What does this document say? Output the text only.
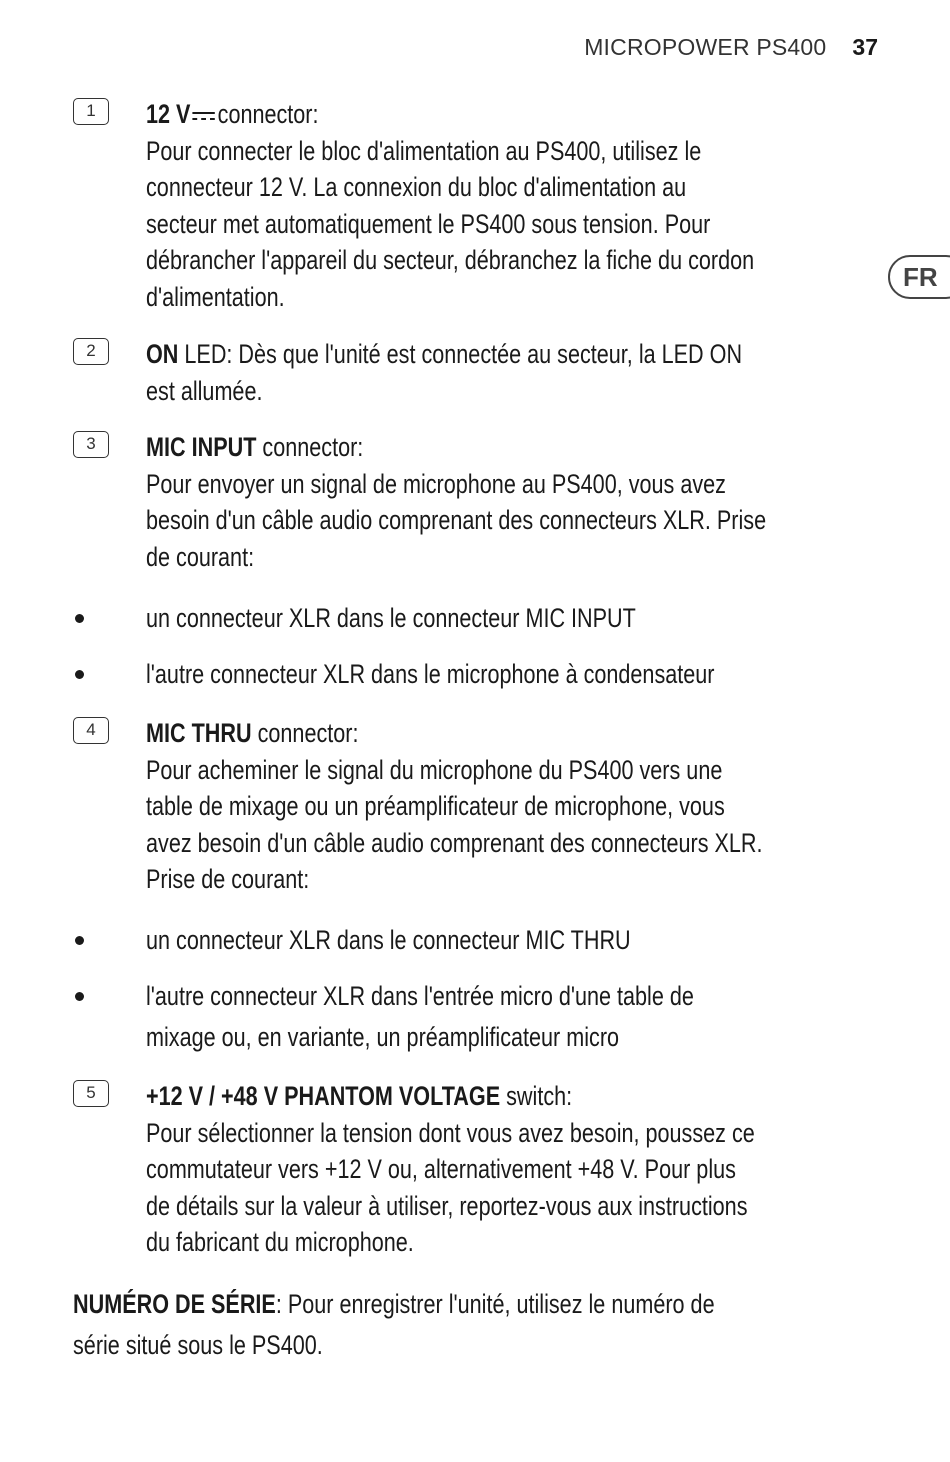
MICROPOWER PS400 37
FR
1	12 V connector:
Pour connecter le bloc d'alimentation au PS400, utilisez le
connecteur 12 V. La connexion du bloc d'alimentation au
secteur met automatiquement le PS400 sous tension. Pour
débrancher l'appareil du secteur, débranchez la fiche du cordon
d'alimentation.
2	ON LED: Dès que l'unité est connectée au secteur, la LED ON
est allumée.
3	MIC INPUT connector:
Pour envoyer un signal de microphone au PS400, vous avez
besoin d'un câble audio comprenant des connecteurs XLR. Prise
de courant:
un connecteur XLR dans le connecteur MIC INPUT
l'autre connecteur XLR dans le microphone à condensateur
4	MIC THRU connector:
Pour acheminer le signal du microphone du PS400 vers une
table de mixage ou un préamplificateur de microphone, vous
avez besoin d'un câble audio comprenant des connecteurs XLR.
Prise de courant:
un connecteur XLR dans le connecteur MIC THRU
l'autre connecteur XLR dans l'entrée micro d'une table de
mixage ou, en variante, un préamplificateur micro
5	+12 V / +48 V PHANTOM VOLTAGE switch:
Pour sélectionner la tension dont vous avez besoin, poussez ce
commutateur vers +12 V ou, alternativement +48 V. Pour plus
de détails sur la valeur à utiliser, reportez-vous aux instructions
du fabricant du microphone.
NUMÉRO DE SÉRIE: Pour enregistrer l'unité, utilisez le numéro de
série situé sous le PS400.
